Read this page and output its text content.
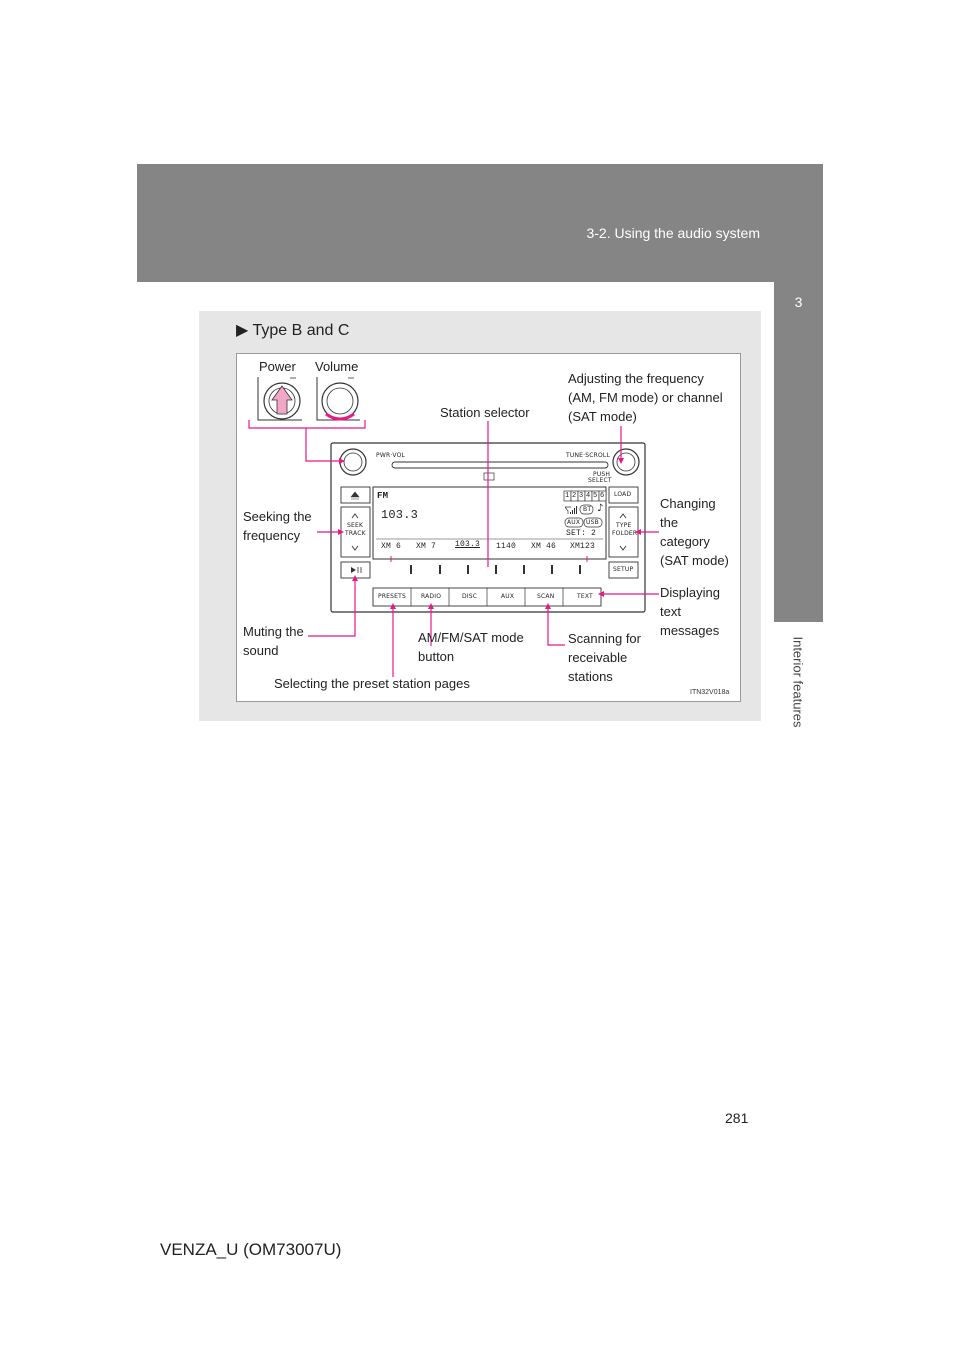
3-2. Using the audio system
3
Interior features
▶ Type B and C
PWR·VOL	TUNE·SCROLL
PUSH
SELECT
LOAD
SEEK
TRACK
TYPE
FOLDER
SETUP
FM
103.3
1 2 3 4 5 6
BT ♪
AUX USB
SET: 2
XM 6 XM 7 103.3 1140 XM 46 XM123
PRESETS RADIO	DISC	AUX	SCAN	TEXT
Power Volume
Station selector
Adjusting the frequency
(AM, FM mode) or channel
(SAT mode)
Seeking the
frequency
Changing
the
category
(SAT mode)
Displaying
text
messages
Muting the
sound
AM/FM/SAT mode
button
Scanning for
receivable
stations
Selecting the preset station pages
ITN32V018a
281
VENZA_U (OM73007U)
